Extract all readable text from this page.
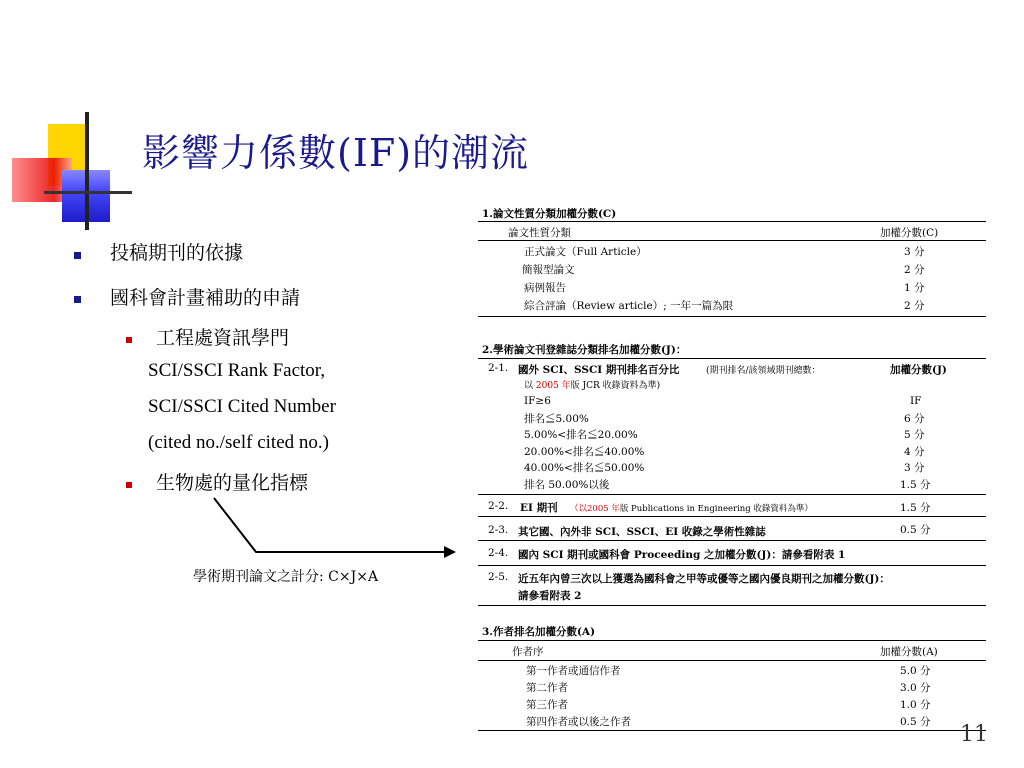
影響力係數(IF)的潮流
投稿期刊的依據
國科會計畫補助的申請
工程處資訊學門
SCI/SSCI Rank Factor,
SCI/SSCI Cited Number
(cited no./self cited no.)
生物處的量化指標
學術期刊論文之計分: C×J×A
1.論文性質分類加權分數(C)
論文性質分類	加權分數(C)
正式論文（Full Article）	3 分
簡報型論文	2 分
病例報告	1 分
綜合評論（Review article）; 一年一篇為限	2 分
2.學術論文刊登雜誌分類排名加權分數(J)：
2-1. 國外 SCI、SSCI 期刊排名百分比	(期刊排名/該領域期刊總數：	加權分數(J)
以 2005 年版 JCR 收錄資料為準)
IF≥6	IF
排名≦5.00%	6 分
5.00%<排名≦20.00%	5 分
20.00%<排名≦40.00%	4 分
40.00%<排名≦50.00%	3 分
排名 50.00%以後	1.5 分
2-2. EI 期刊 （以2005 年版 Publications in Engineering 收錄資料為準）	1.5 分
2-3. 其它國、內外非 SCI、SSCI、EI 收錄之學術性雜誌	0.5 分
2-4. 國內 SCI 期刊或國科會 Proceeding 之加權分數(J)：請參看附表 1
2-5. 近五年內曾三次以上獲選為國科會之甲等或優等之國內優良期刊之加權分數(J)：
請參看附表 2
3.作者排名加權分數(A)
作者序	加權分數(A)
第一作者或通信作者	5.0 分
第二作者	3.0 分
第三作者	1.0 分
第四作者或以後之作者	0.5 分 11
